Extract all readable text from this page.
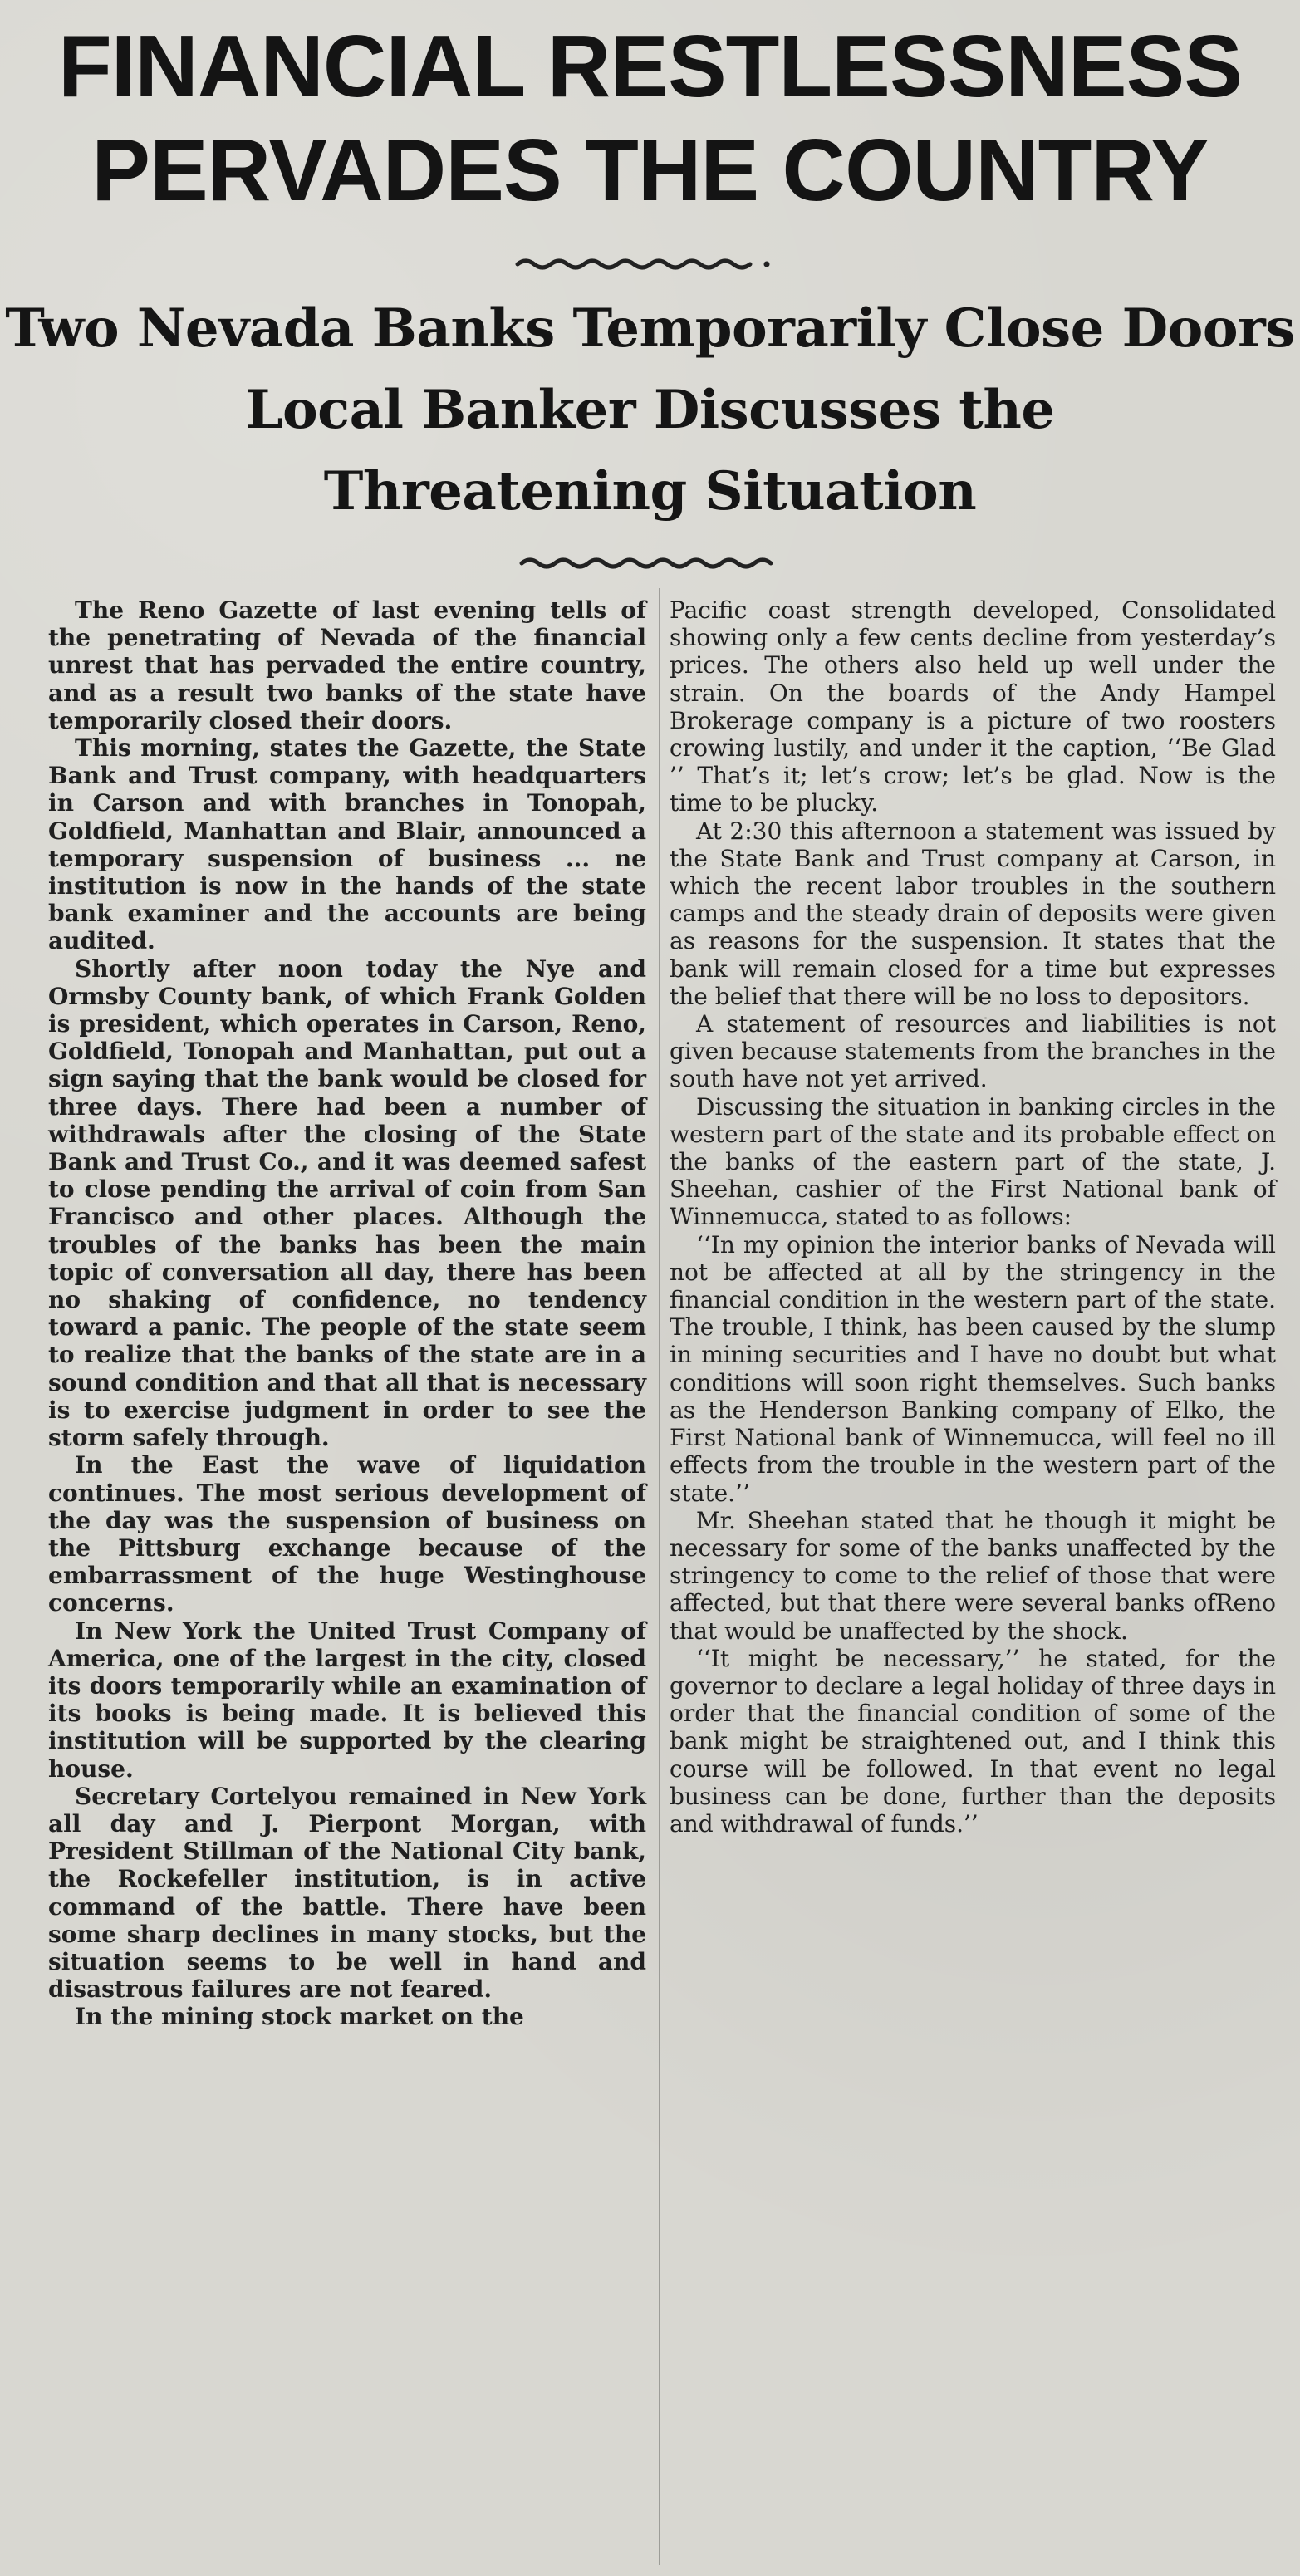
FINANCIAL RESTLESSNESS
PERVADES THE COUNTRY
Two Nevada Banks Temporarily Close Doors
Local Banker Discusses the
Threatening Situation

The Reno Gazette of last evening tells of the penetrating of Nevada of the financial unrest that has pervaded the entire country, and as a result two banks of the state have temporarily closed their doors.

This morning, states the Gazette, the State Bank and Trust company, with headquarters in Carson and with branches in Tonopah, Goldfield, Manhattan and Blair, announced a temporary suspension of business ... ne institution is now in the hands of the state bank examiner and the accounts are being audited.

Shortly after noon today the Nye and Ormsby County bank, of which Frank Golden is president, which operates in Carson, Reno, Goldfield, Tonopah and Manhattan, put out a sign saying that the bank would be closed for three days. There had been a number of withdrawals after the closing of the State Bank and Trust Co., and it was deemed safest to close pending the arrival of coin from San Francisco and other places. Although the troubles of the banks has been the main topic of conversation all day, there has been no shaking of confidence, no tendency toward a panic. The people of the state seem to realize that the banks of the state are in a sound condition and that all that is necessary is to exercise judgment in order to see the storm safely through.

In the East the wave of liquidation continues. The most serious development of the day was the suspension of business on the Pittsburg exchange because of the embarrassment of the huge Westinghouse concerns.

In New York the United Trust Company of America, one of the largest in the city, closed its doors temporarily while an examination of its books is being made. It is believed this institution will be supported by the clearing house.

Secretary Cortelyou remained in New York all day and J. Pierpont Morgan, with President Stillman of the National City bank, the Rockefeller institution, is in active command of the battle. There have been some sharp declines in many stocks, but the situation seems to be well in hand and disastrous failures are not feared.

In the mining stock market on the

Pacific coast strength developed, Consolidated showing only a few cents decline from yesterday’s prices. The others also held up well under the strain. On the boards of the Andy Hampel Brokerage company is a picture of two roosters crowing lustily, and under it the caption, ‘‘Be Glad ’’ That’s it; let’s crow; let’s be glad. Now is the time to be plucky.

At 2:30 this afternoon a statement was issued by the State Bank and Trust company at Carson, in which the recent labor troubles in the southern camps and the steady drain of deposits were given as reasons for the suspension. It states that the bank will remain closed for a time but expresses the belief that there will be no loss to depositors.

A statement of resources and liabilities is not given because statements from the branches in the south have not yet arrived.

Discussing the situation in banking circles in the western part of the state and its probable effect on the banks of the eastern part of the state, J. Sheehan, cashier of the First National bank of Winnemucca, stated to as follows:

‘‘In my opinion the interior banks of Nevada will not be affected at all by the stringency in the financial condition in the western part of the state. The trouble, I think, has been caused by the slump in mining securities and I have no doubt but what conditions will soon right themselves. Such banks as the Henderson Banking company of Elko, the First National bank of Winnemucca, will feel no ill effects from the trouble in the western part of the state.’’

Mr. Sheehan stated that he though it might be necessary for some of the banks unaffected by the stringency to come to the relief of those that were affected, but that there were several banks ofReno that would be unaffected by the shock.

‘‘It might be necessary,’’ he stated, for the governor to declare a legal holiday of three days in order that the financial condition of some of the bank might be straightened out, and I think this course will be followed. In that event no legal business can be done, further than the deposits and withdrawal of funds.’’
